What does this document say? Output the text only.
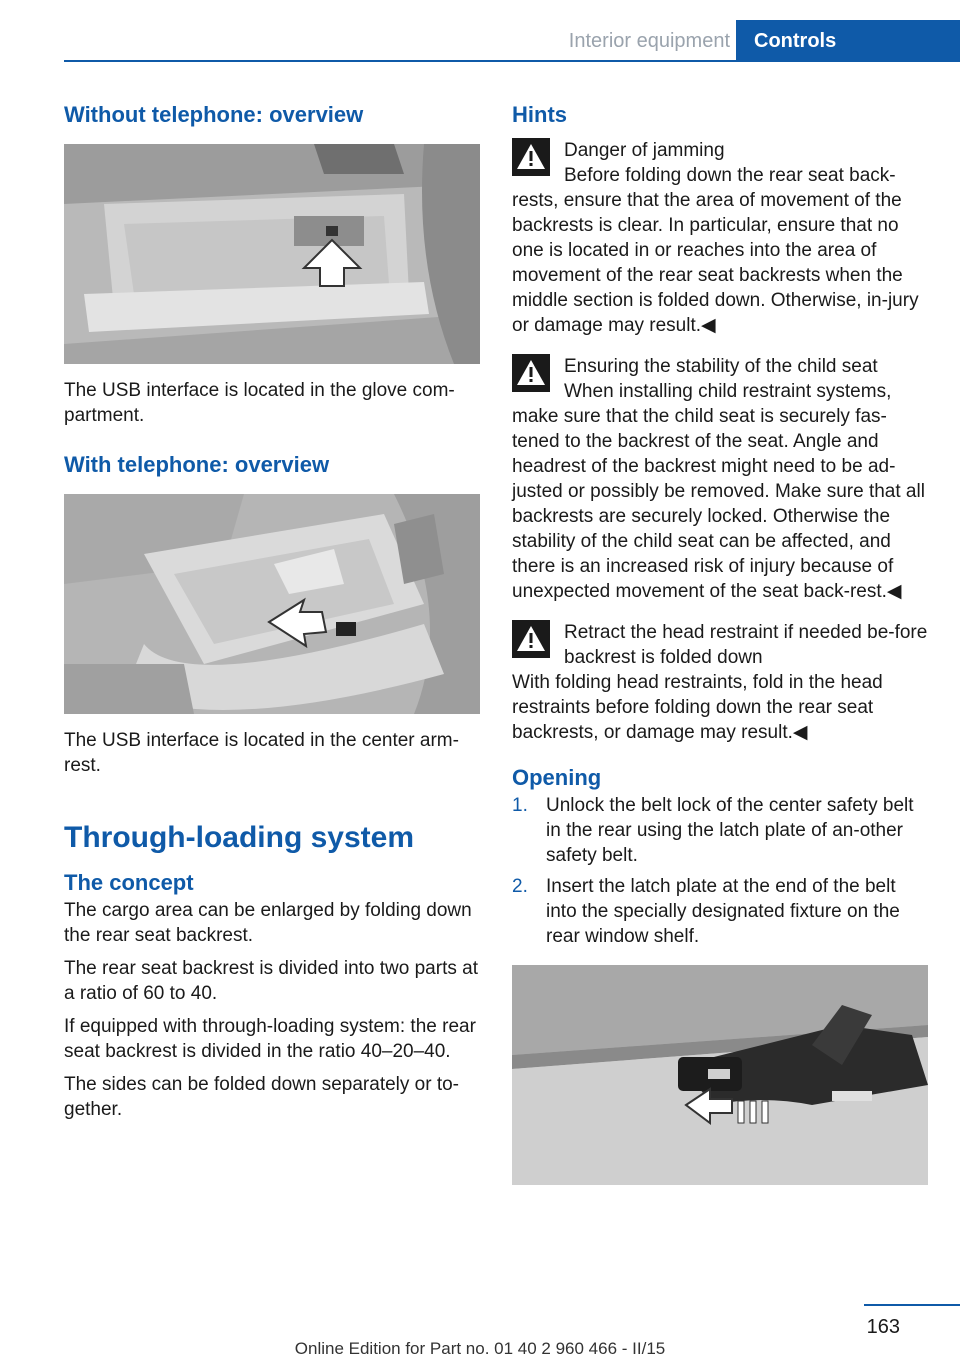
Interior equipment	Controls
Without telephone: overview

The USB interface is located in the glove com-partment.

With telephone: overview

The USB interface is located in the center arm-rest.

Through-loading system
The concept

The cargo area can be enlarged by folding down the rear seat backrest.

The rear seat backrest is divided into two parts at a ratio of 60 to 40.

If equipped with through-loading system: the rear seat backrest is divided in the ratio 40–20–40.

The sides can be folded down separately or to-gether.

Hints

Danger of jamming

Before folding down the rear seat back-

rests, ensure that the area of movement of the backrests is clear. In particular, ensure that no one is located in or reaches into the area of movement of the rear seat backrests when the middle section is folded down. Otherwise, in-jury or damage may result.◀

Ensuring the stability of the child seat

When installing child restraint systems,

make sure that the child seat is securely fas-tened to the backrest of the seat. Angle and headrest of the backrest might need to be ad-justed or possibly be removed. Make sure that all backrests are securely locked. Otherwise the stability of the child seat can be affected, and there is an increased risk of injury because of unexpected movement of the seat back-rest.◀

Retract the head restraint if needed be-fore backrest is folded down

With folding head restraints, fold in the head restraints before folding down the rear seat backrests, or damage may result.◀

Opening
1. Unlock the belt lock of the center safety belt in the rear using the latch plate of an-other safety belt.
2. Insert the latch plate at the end of the belt into the specially designated fixture on the rear window shelf.
163
Online Edition for Part no. 01 40 2 960 466 - II/15
